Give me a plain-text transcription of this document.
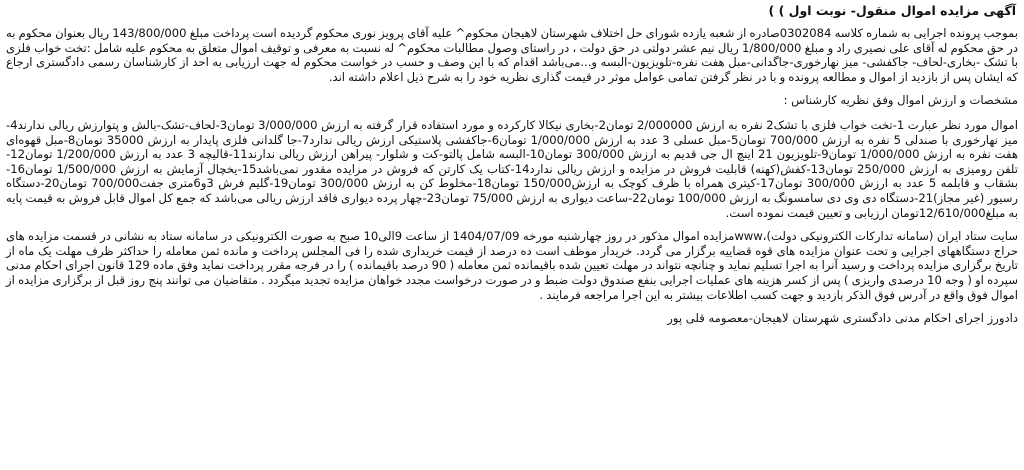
آگهی مزایده اموال منقول- نوبت اول ) )

بموجب پرونده اجرایی به شماره کلاسه 0302084صادره از شعبه یازده شورای حل اختلاف شهرستان لاهیجان محکوم^ علیه آقای پرویز نوری محکوم گردیده است پرداخت مبلغ 143/800/000 ریال بعنوان محکوم به در حق محکوم له آقای علی نصیری راد و مبلغ 1/800/000 ریال نیم عشر دولتی در حق دولت ، در راستای وصول مطالبات محکوم^ له نسبت به معرفی و توقیف اموال متعلق به محکوم علیه شامل :تخت خواب فلزی با تشک -بخاری-لحاف- جاکفشی- میز نهارخوری-جاگدانی-مبل هفت نفره-تلویزیون-البسه و...می‌باشد اقدام که با این وصف و حسب در خواست محکوم له جهت ارزیابی به احد از کارشناسان رسمی دادگستری ارجاع که ایشان پس از بازدید از اموال و مطالعه پرونده و با در نظر گرفتن تمامی عوامل موثر در قیمت گذاری نظریه خود را به شرح ذیل اعلام داشته اند.

مشخصات و ارزش اموال وفق نظریه کارشناس :

اموال مورد نظر عبارت 1-تخت خواب فلزی با تشک2 نفره به ارزش 2/000000 تومان2-بخاری نیکالا کارکرده و مورد استفاده قرار گرفته به ارزش 3/000/000 تومان3-لحاف-تشک-بالش و پتوارزش ریالی ندارند4-میز نهارخوری با صندلی 5 نفره به ارزش 700/000 تومان5-مبل عسلی 3 عدد به ارزش 1/000/000 تومان6-جاکفشی پلاستیکی ارزش ریالی ندارد7-جا گلدانی فلزی پایدار به ارزش 35000 تومان8-مبل قهوه‌ای هفت نفره به ارزش 1/000/000 تومان9-تلویزیون 21 اینچ ال جی قدیم به ارزش 300/000 تومان10-البسه شامل پالتو-کت و شلوار- پیراهن ارزش ریالی ندارند11-قالیچه 3 عدد به ارزش 1/200/000 تومان12-تلفن رومیزی به ارزش 250/000 تومان13-کفش(کهنه) قابلیت فروش در مزایده و ارزش ریالی ندارد14-کتاب یک کارتن که فروش در مزایده مقدور نمی‌باشد15-یخچال آزمایش به ارزش 1/500/000 تومان16-بشقاب و قابلمه 5 عدد به ارزش 300/000 تومان17-کیتری همراه با ظرف کوچک به ارزش150/000 تومان18-مخلوط کن به ارزش 300/000 تومان19-گلیم فرش 3و6متری جفت700/000 تومان20-دستگاه رسیور (غیر مجاز)21-دستگاه دی وی دی سامسونگ به ارزش 100/000 تومان22-ساعت دیواری به ارزش 75/000 تومان23-چهار پرده دیواری فاقد ارزش ریالی می‌باشد که جمع کل اموال قابل فروش به قیمت پایه به مبلغ12/610/000تومان ارزیابی و تعیین قیمت نموده است.

سایت ستاد ایران (سامانه تدارکات الکترونیکی دولت)،wwwمزایده اموال مذکور در روز چهارشنبه مورخه 1404/07/09 از ساعت 9الی10 صبح به صورت الکترونیکی در سامانه ستاد به نشانی در قسمت مزایده های حراج دستگاههای اجرایی و تحت عنوان مزایده های قوه قضاییه برگزار می گردد. خریدار موظف است ده درصد از قیمت خریداری شده را فی المجلس پرداخت و مانده ثمن معامله را حداکثر ظرف مهلت یک ماه از تاریخ برگزاری مزایده پرداخت و رسید آنرا به اجرا تسلیم نماید و چنانچه نتواند در مهلت تعیین شده باقیمانده ثمن معامله ( 90 درصد باقیمانده ) را در فرجه مقرر پرداخت نماید وفق ماده 129 قانون اجرای احکام مدنی سپرده او ( وجه 10 درصدی واریزی ) پس از کسر هزینه های عملیات اجرایی بنفع صندوق دولت ضبط و در صورت درخواست مجدد خواهان مزایده تجدید میگردد . متقاضیان می توانند پنج روز قبل از برگزاری مزایده از اموال فوق واقع در آدرس فوق الذکر بازدید و جهت کسب اطلاعات بیشتر به این اجرا مراجعه فرمایند .

دادورز اجرای احکام مدنی دادگستری شهرستان لاهیجان-معصومه قلی پور
